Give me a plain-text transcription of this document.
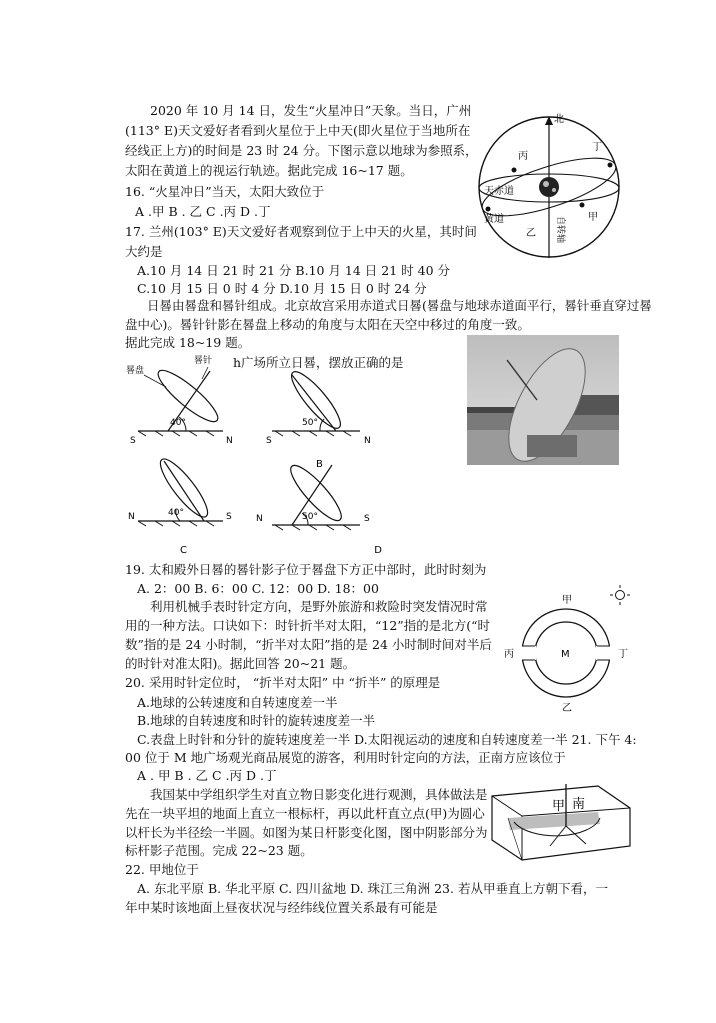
2020 年 10 月 14 日，发生“火星冲日”天象。当日，广州
(113° E)天文爱好者看到火星位于上中天(即火星位于当地所在
经线正上方)的时间是 23 时 24 分。下图示意以地球为参照系，
太阳在黄道上的视运行轨迹。据此完成 16~17 题。
16. “火星冲日”当天，太阳大致位于
A .甲 B . 乙 C .丙 D .丁
17. 兰州(103° E)天文爱好者观察到位于上中天的火星，其时间
大约是
A.10 月 14 日 21 时 21 分 B.10 月 14 日 21 时 40 分
C.10 月 15 日 0 时 4 分 D.10 月 15 日 0 时 24 分
北
丙
丁
天赤道
黄道
乙
甲
自转轴
日晷由晷盘和晷针组成。北京故宫采用赤道式日晷(晷盘与地球赤道面平行，晷针垂直穿过晷
盘中心)。晷针针影在晷盘上移动的角度与太阳在天空中移过的角度一致。
据此完成 18~19 题。
h广场所立日晷，摆放正确的是
晷盘
晷针
40°
S	N
50°
S	N
B
40°
N	S
C
50°
N	S
D
19. 太和殿外日晷的晷针影子位于晷盘下方正中部时，此时时刻为
A. 2：00 B. 6：00 C. 12：00 D. 18：00
利用机械手表时针定方向，是野外旅游和救险时突发情况时常
用的一种方法。口诀如下：时针折半对太阳，“12”指的是北方(“时
数”指的是 24 小时制，“折半对太阳”指的是 24 小时制时间对半后
的时针对准太阳)。据此回答 20~21 题。
甲
丙	M	丁
乙
20. 采用时针定位时， “折半对太阳” 中 “折半” 的原理是
A.地球的公转速度和自转速度差一半
B.地球的自转速度和时针的旋转速度差一半
C.表盘上时针和分针的旋转速度差一半 D.太阳视运动的速度和自转速度差一半 21. 下午 4:
00 位于 M 地广场观光商品展览的游客，利用时针定向的方法，正南方应该位于
A . 甲 B . 乙 C .丙 D .丁
我国某中学组织学生对直立物日影变化进行观测，具体做法是
先在一块平坦的地面上直立一根标杆，再以此杆直立点(甲)为圆心
以杆长为半径绘一半圆。如图为某日杆影变化图，图中阴影部分为
标杆影子范围。完成 22~23 题。
甲 南
22. 甲地位于
A. 东北平原 B. 华北平原 C. 四川盆地 D. 珠江三角洲 23. 若从甲垂直上方朝下看，一
年中某时该地面上昼夜状况与经纬线位置关系最有可能是
